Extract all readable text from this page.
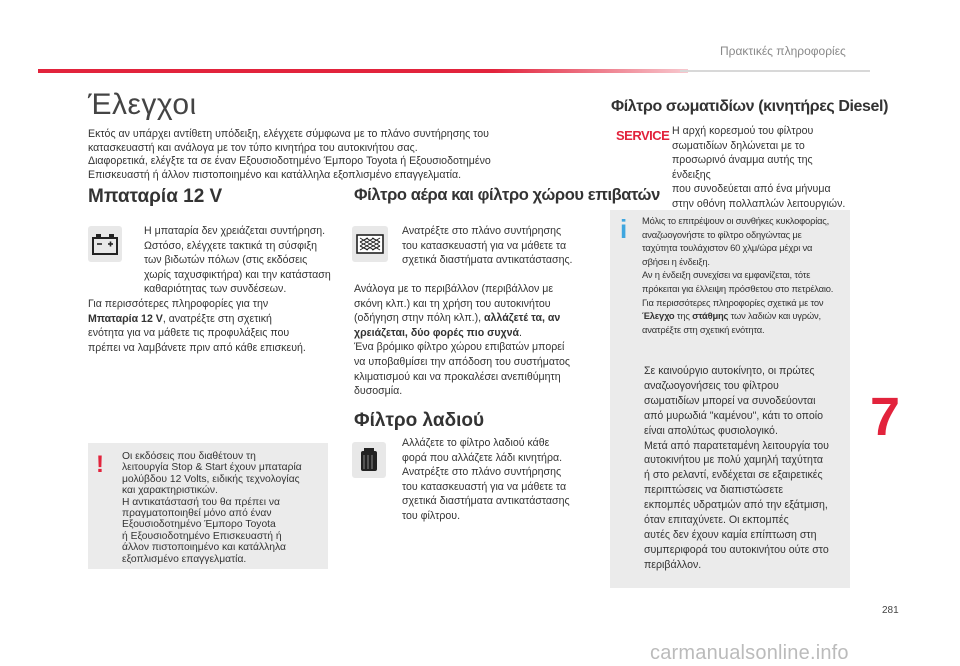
Πρακτικές πληροφορίες
Έλεγχοι
Εκτός αν υπάρχει αντίθετη υπόδειξη, ελέγχετε σύμφωνα με το πλάνο συντήρησης του
κατασκευαστή και ανάλογα με τον τύπο κινητήρα του αυτοκινήτου σας.
Διαφορετικά, ελέγξτε τα σε έναν Εξουσιοδοτημένο Έμπορο Toyota ή Εξουσιοδοτημένο
Επισκευαστή ή άλλον πιστοποιημένο και κατάλληλα εξοπλισμένο επαγγελματία.
Μπαταρία 12 V
Η μπαταρία δεν χρειάζεται συντήρηση.
Ωστόσο, ελέγχετε τακτικά τη σύσφιξη
των βιδωτών πόλων (στις εκδόσεις
χωρίς ταχυσφικτήρα) και την κατάσταση
καθαριότητας των συνδέσεων.
Για περισσότερες πληροφορίες για την
Μπαταρία 12 V, ανατρέξτε στη σχετική
ενότητα για να μάθετε τις προφυλάξεις που
πρέπει να λαμβάνετε πριν από κάθε επισκευή.
! Οι εκδόσεις που διαθέτουν τη
λειτουργία Stop & Start έχουν μπαταρία
μολύβδου 12 Volts, ειδικής τεχνολογίας
και χαρακτηριστικών.
Η αντικατάστασή του θα πρέπει να
πραγματοποιηθεί μόνο από έναν
Εξουσιοδοτημένο Έμπορο Toyota
ή Εξουσιοδοτημένο Επισκευαστή ή
άλλον πιστοποιημένο και κατάλληλα
εξοπλισμένο επαγγελματία.
Φίλτρο αέρα και φίλτρο χώρου επιβατών
Ανατρέξτε στο πλάνο συντήρησης
του κατασκευαστή για να μάθετε τα
σχετικά διαστήματα αντικατάστασης.
Ανάλογα με το περιβάλλον (περιβάλλον με
σκόνη κλπ.) και τη χρήση του αυτοκινήτου
(οδήγηση στην πόλη κλπ.), αλλάζετέ τα, αν
χρειάζεται, δύο φορές πιο συχνά.
Ένα βρόμικο φίλτρο χώρου επιβατών μπορεί
να υποβαθμίσει την απόδοση του συστήματος
κλιματισμού και να προκαλέσει ανεπιθύμητη
δυσοσμία.
Φίλτρο λαδιού
Αλλάζετε το φίλτρο λαδιού κάθε
φορά που αλλάζετε λάδι κινητήρα.
Ανατρέξτε στο πλάνο συντήρησης
του κατασκευαστή για να μάθετε τα
σχετικά διαστήματα αντικατάστασης
του φίλτρου.
Φίλτρο σωματιδίων (κινητήρες Diesel)
SERVICE Η αρχή κορεσμού του φίλτρου
σωματιδίων δηλώνεται με το
προσωρινό άναμμα αυτής της ένδειξης
που συνοδεύεται από ένα μήνυμα
στην οθόνη πολλαπλών λειτουργιών.
i Μόλις το επιτρέψουν οι συνθήκες κυκλοφορίας,
αναζωογονήστε το φίλτρο οδηγώντας με
ταχύτητα τουλάχιστον 60 χλμ/ώρα μέχρι να
σβήσει η ένδειξη.
Αν η ένδειξη συνεχίσει να εμφανίζεται, τότε
πρόκειται για έλλειψη πρόσθετου στο πετρέλαιο.
Για περισσότερες πληροφορίες σχετικά με τον
Έλεγχο της στάθμης των λαδιών και υγρών,
ανατρέξτε στη σχετική ενότητα.
Σε καινούργιο αυτοκίνητο, οι πρώτες
αναζωογονήσεις του φίλτρου
σωματιδίων μπορεί να συνοδεύονται
από μυρωδιά "καμένου", κάτι το οποίο
είναι απολύτως φυσιολογικό.
Μετά από παρατεταμένη λειτουργία του
αυτοκινήτου με πολύ χαμηλή ταχύτητα
ή στο ρελαντί, ενδέχεται σε εξαιρετικές
περιπτώσεις να διαπιστώσετε
εκπομπές υδρατμών από την εξάτμιση,
όταν επιταχύνετε. Οι εκπομπές
αυτές δεν έχουν καμία επίπτωση στη
συμπεριφορά του αυτοκινήτου ούτε στο
περιβάλλον.
7
281
carmanualsonline.info
